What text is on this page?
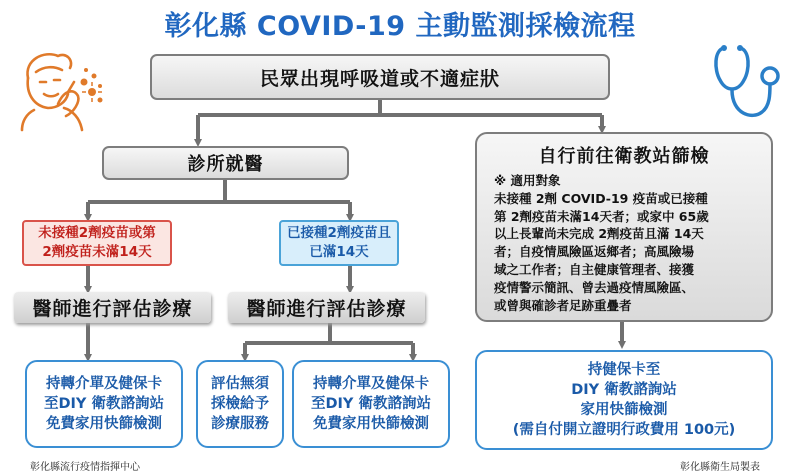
彰化縣 COVID-19 主動監測採檢流程
民眾出現呼吸道或不適症狀
診所就醫
未接種2劑疫苗或第
2劑疫苗未滿14天
已接種2劑疫苗且
已滿14天
醫師進行評估診療	醫師進行評估診療
持轉介單及健保卡
至DIY 衛教諮詢站
免費家用快篩檢測
評估無須
採檢給予
診療服務
持轉介單及健保卡
至DIY 衛教諮詢站
免費家用快篩檢測
自行前往衛教站篩檢
※ 適用對象
未接種 2劑 COVID-19 疫苗或已接種
第 2劑疫苗未滿14天者；或家中 65歲
以上長輩尚未完成 2劑疫苗且滿 14天
者；自疫情風險區返鄉者；高風險場
域之工作者；自主健康管理者、接獲
疫情警示簡訊、曾去過疫情風險區、
或曾與確診者足跡重疊者
持健保卡至
DIY 衛教諮詢站
家用快篩檢測
(需自付開立證明行政費用 100元)
彰化縣流行疫情指揮中心	彰化縣衛生局製表
